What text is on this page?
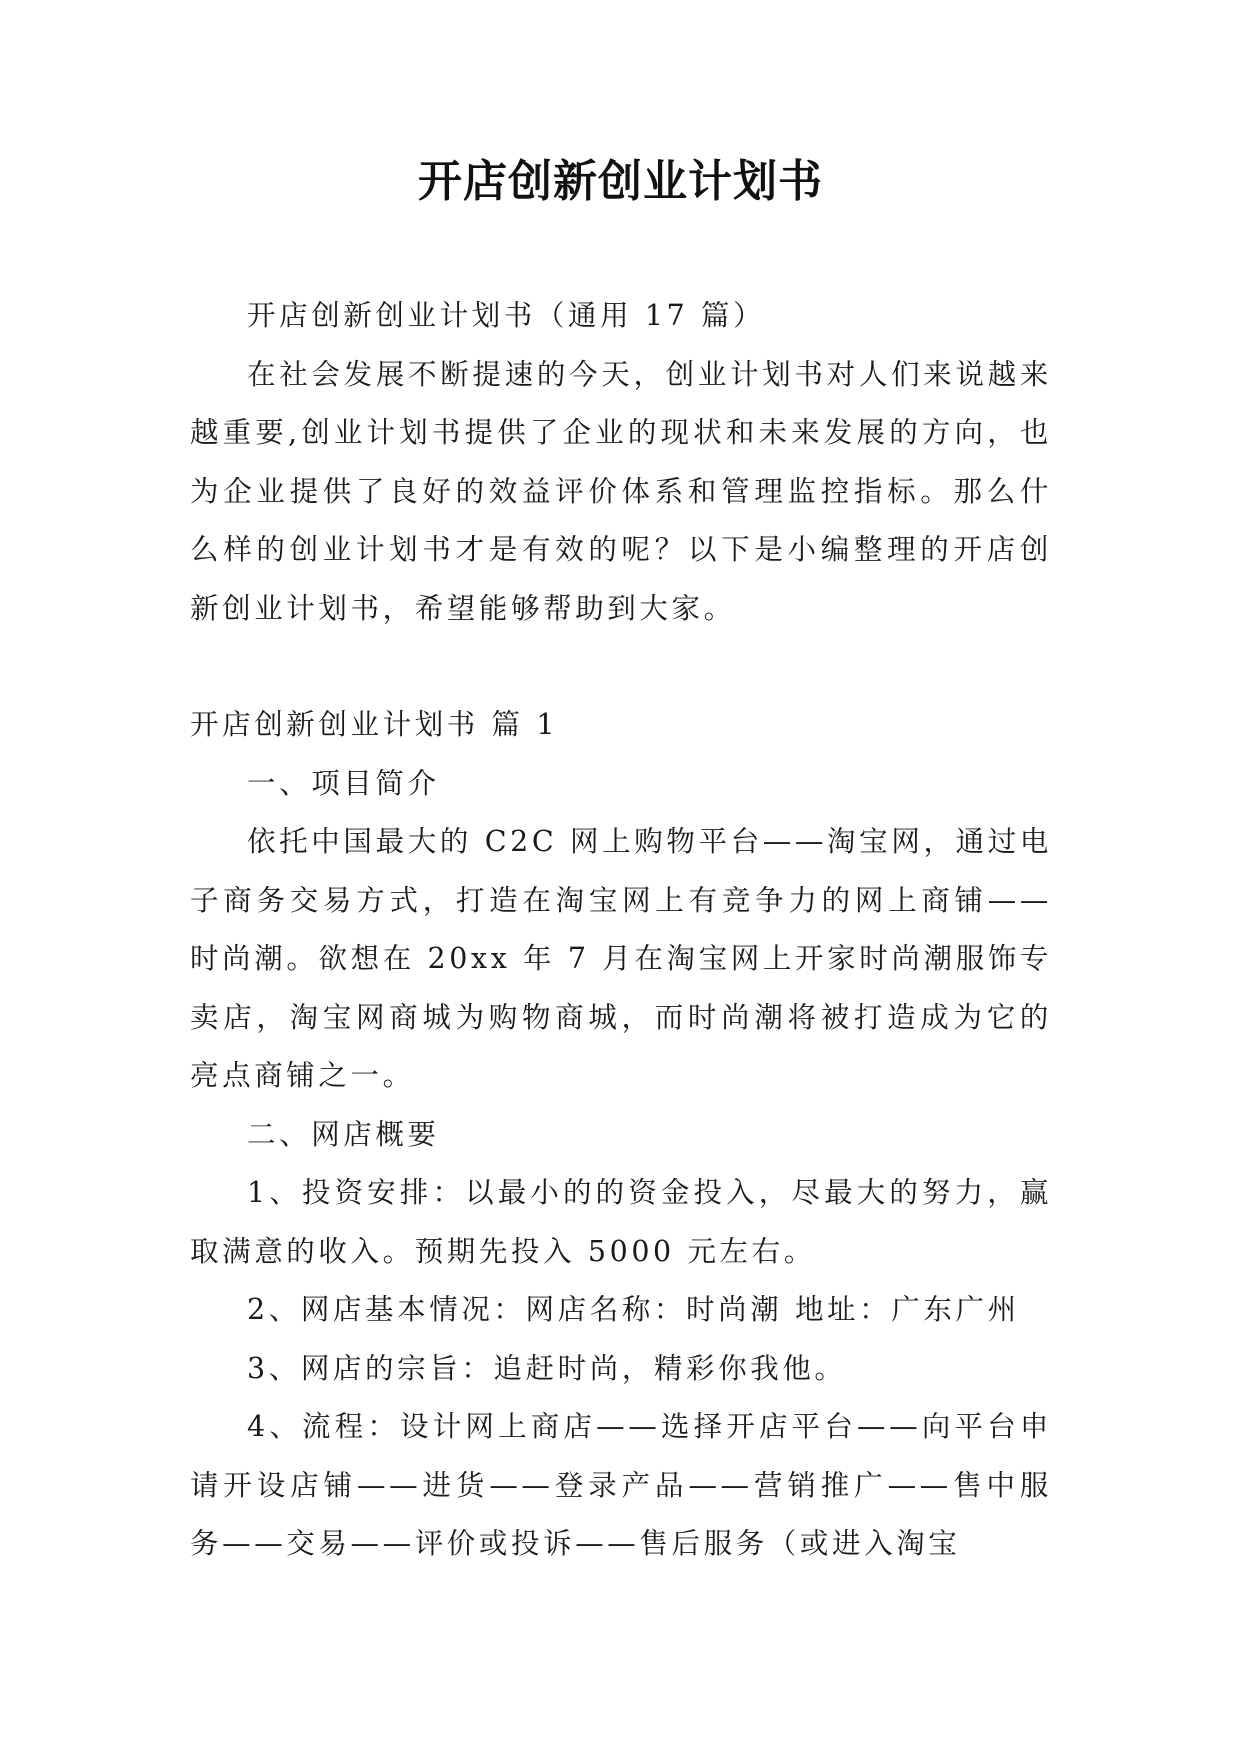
开店创新创业计划书

开店创新创业计划书（通用 17 篇）

在社会发展不断提速的今天，创业计划书对人们来说越来越重要,创业计划书提供了企业的现状和未来发展的方向，也为企业提供了良好的效益评价体系和管理监控指标。那么什么样的创业计划书才是有效的呢？以下是小编整理的开店创新创业计划书，希望能够帮助到大家。

开店创新创业计划书 篇 1

一、项目简介

依托中国最大的 C2C 网上购物平台——淘宝网，通过电子商务交易方式，打造在淘宝网上有竞争力的网上商铺——时尚潮。欲想在 20xx 年 7 月在淘宝网上开家时尚潮服饰专卖店，淘宝网商城为购物商城，而时尚潮将被打造成为它的亮点商铺之一。

二、网店概要

1、投资安排：以最小的的资金投入，尽最大的努力，赢取满意的收入。预期先投入 5000 元左右。

2、网店基本情况：网店名称：时尚潮 地址：广东广州

3、网店的宗旨：追赶时尚，精彩你我他。

4、流程：设计网上商店——选择开店平台——向平台申请开设店铺——进货——登录产品——营销推广——售中服务——交易——评价或投诉——售后服务（或进入淘宝
